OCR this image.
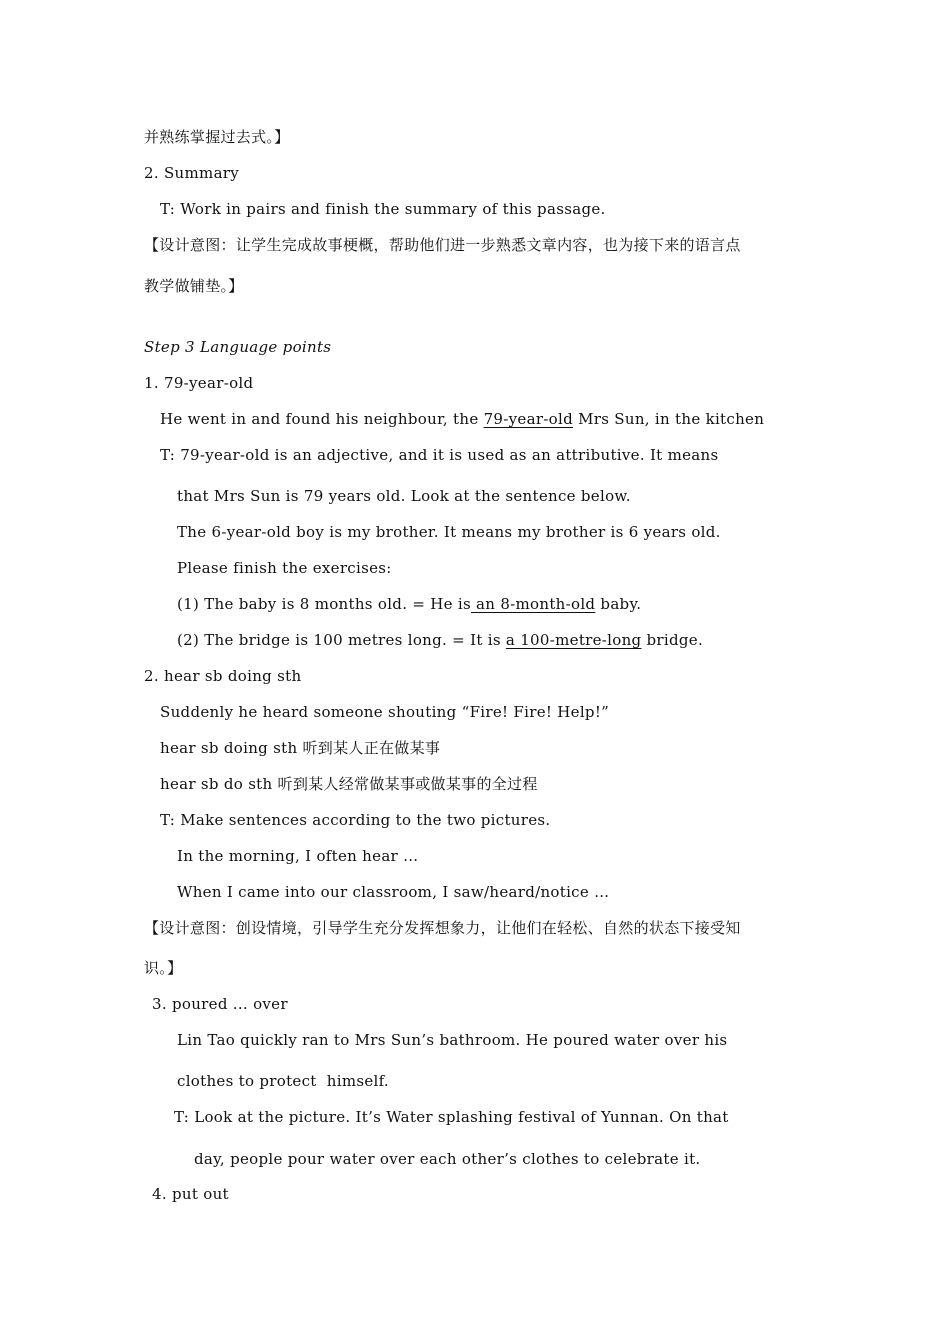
并熟练掌握过去式。】
2. Summary
T: Work in pairs and finish the summary of this passage.
【设计意图：让学生完成故事梗概，帮助他们进一步熟悉文章内容，也为接下来的语言点
教学做铺垫。】
Step 3 Language points
1. 79-year-old
He went in and found his neighbour, the 79-year-old Mrs Sun, in the kitchen
T: 79-year-old is an adjective, and it is used as an attributive. It means
that Mrs Sun is 79 years old. Look at the sentence below.
The 6-year-old boy is my brother. It means my brother is 6 years old.
Please finish the exercises:
(1) The baby is 8 months old. = He is an 8-month-old baby.
(2) The bridge is 100 metres long. = It is a 100-metre-long bridge.
2. hear sb doing sth
Suddenly he heard someone shouting “Fire! Fire! Help!”
hear sb doing sth 听到某人正在做某事
hear sb do sth 听到某人经常做某事或做某事的全过程
T: Make sentences according to the two pictures.
In the morning, I often hear …
When I came into our classroom, I saw/heard/notice …
【设计意图：创设情境，引导学生充分发挥想象力，让他们在轻松、自然的状态下接受知
识。】
3. poured ... over
Lin Tao quickly ran to Mrs Sun’s bathroom. He poured water over his
clothes to protect  himself.
T: Look at the picture. It’s Water splashing festival of Yunnan. On that
day, people pour water over each other’s clothes to celebrate it.
4. put out
